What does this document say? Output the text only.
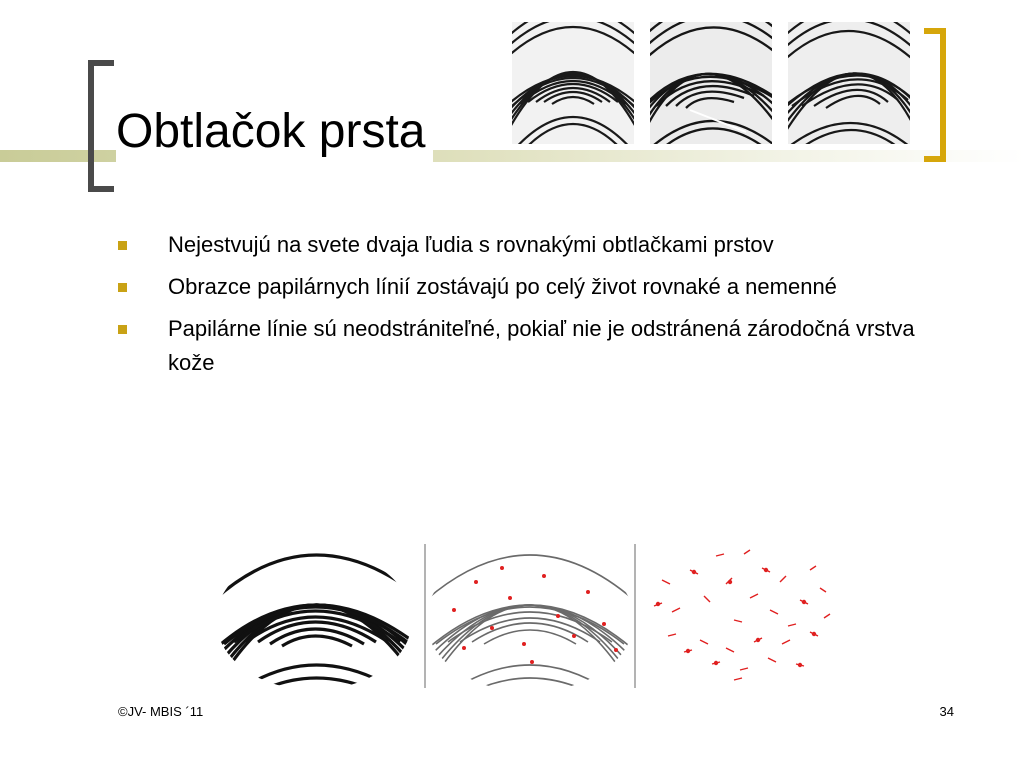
Obtlačok prsta
Nejestvujú na svete dvaja ľudia s rovnakými obtlačkami prstov
Obrazce papilárnych línií zostávajú po celý život rovnaké a nemenné
Papilárne línie sú neodstrániteľné, pokiaľ nie je odstránená zárodočná vrstva kože
©JV- MBIS ´11	34
